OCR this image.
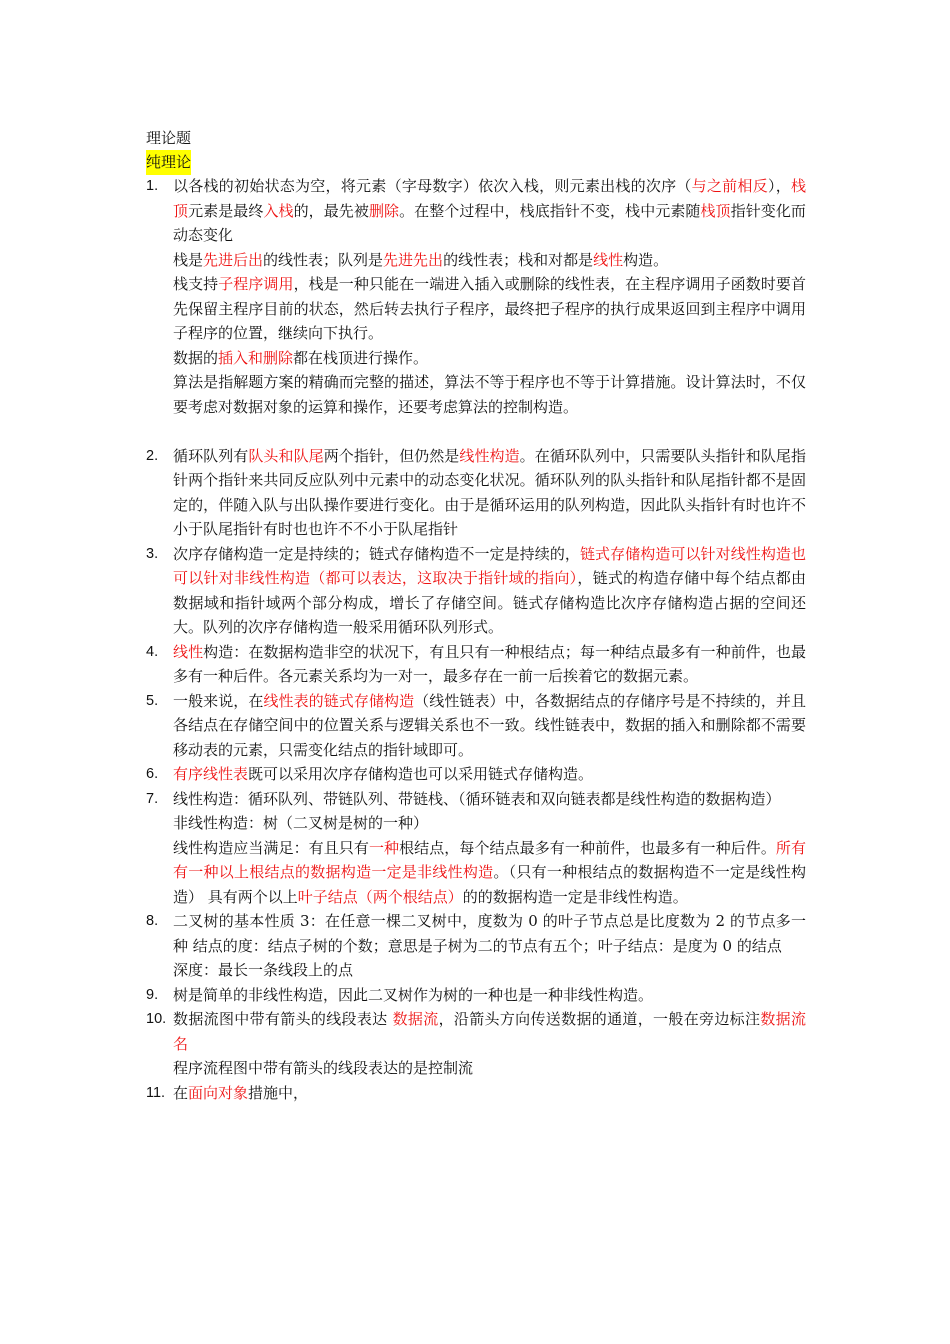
理论题
纯理论
1. 以各栈的初始状态为空，将元素（字母数字）依次入栈，则元素出栈的次序（与之前相反），栈顶元素是最终入栈的，最先被删除。在整个过程中，栈底指针不变，栈中元素随栈顶指针变化而动态变化
栈是先进后出的线性表；队列是先进先出的线性表；栈和对都是线性构造。
栈支持子程序调用，栈是一种只能在一端进入插入或删除的线性表，在主程序调用子函数时要首先保留主程序目前的状态，然后转去执行子程序，最终把子程序的执行成果返回到主程序中调用子程序的位置，继续向下执行。
数据的插入和删除都在栈顶进行操作。
算法是指解题方案的精确而完整的描述，算法不等于程序也不等于计算措施。设计算法时，不仅要考虑对数据对象的运算和操作，还要考虑算法的控制构造。
2. 循环队列有队头和队尾两个指针，但仍然是线性构造。在循环队列中，只需要队头指针和队尾指针两个指针来共同反应队列中元素中的动态变化状况。循环队列的队头指针和队尾指针都不是固定的，伴随入队与出队操作要进行变化。由于是循环运用的队列构造，因此队头指针有时也许不小于队尾指针有时也也许不不小于队尾指针
3. 次序存储构造一定是持续的；链式存储构造不一定是持续的，链式存储构造可以针对线性构造也可以针对非线性构造（都可以表达，这取决于指针域的指向），链式的构造存储中每个结点都由数据域和指针域两个部分构成，增长了存储空间。链式存储构造比次序存储构造占据的空间还大。队列的次序存储构造一般采用循环队列形式。
4. 线性构造：在数据构造非空的状况下，有且只有一种根结点；每一种结点最多有一种前件，也最多有一种后件。各元素关系均为一对一，最多存在一前一后挨着它的数据元素。
5. 一般来说，在线性表的链式存储构造（线性链表）中，各数据结点的存储序号是不持续的，并且各结点在存储空间中的位置关系与逻辑关系也不一致。线性链表中，数据的插入和删除都不需要移动表的元素，只需变化结点的指针域即可。
6. 有序线性表既可以采用次序存储构造也可以采用链式存储构造。
7. 线性构造：循环队列、带链队列、带链栈、（循环链表和双向链表都是线性构造的数据构造）
非线性构造：树（二叉树是树的一种）
线性构造应当满足：有且只有一种根结点，每个结点最多有一种前件，也最多有一种后件。所有有一种以上根结点的数据构造一定是非线性构造。（只有一种根结点的数据构造不一定是线性构造） 具有两个以上叶子结点（两个根结点）的的数据构造一定是非线性构造。
8. 二叉树的基本性质 3：在任意一棵二叉树中，度数为 0 的叶子节点总是比度数为 2 的节点多一种 结点的度：结点子树的个数；意思是子树为二的节点有五个；叶子结点：是度为 0 的结点
深度：最长一条线段上的点
9. 树是简单的非线性构造，因此二叉树作为树的一种也是一种非线性构造。
10. 数据流图中带有箭头的线段表达 数据流，沿箭头方向传送数据的通道，一般在旁边标注数据流名
程序流程图中带有箭头的线段表达的是控制流
11. 在面向对象措施中，
